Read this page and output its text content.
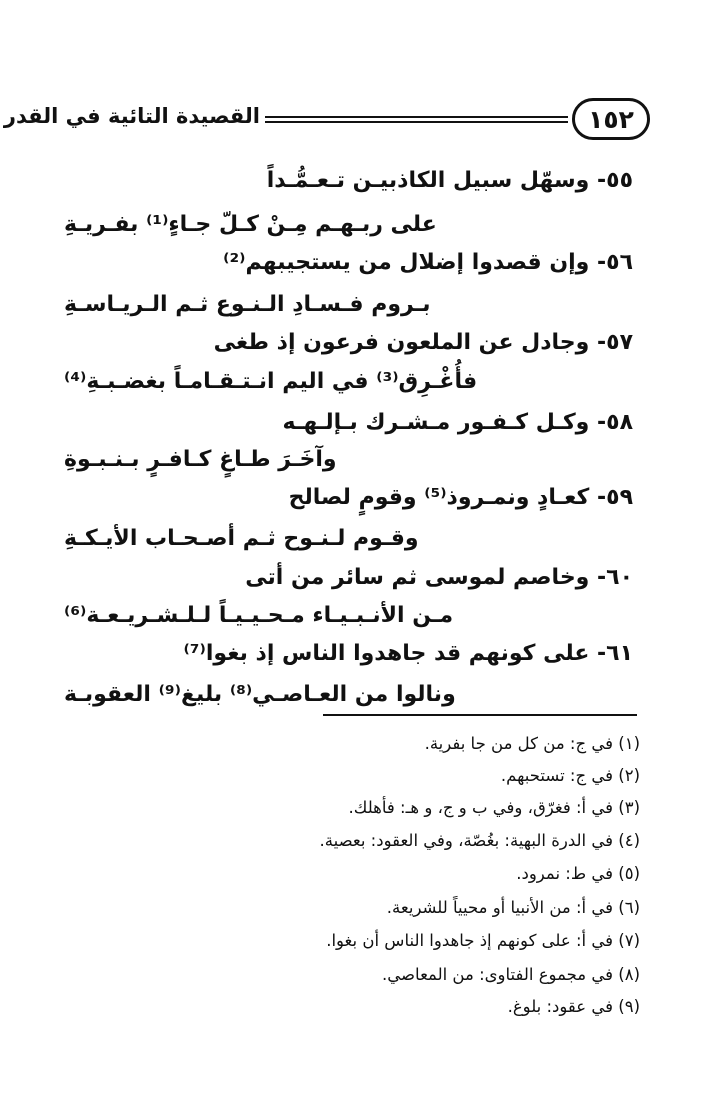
١٥٢
القصيدة التائية في القدر
٥٥- وسهّل سبيل الكاذبيـن تـعـمُّـداً
على ربـهـم مِـنْ كـلّ جـاءٍ⁽¹⁾ بفـريـةِ
٥٦- وإن قصدوا إضلال من يستجيبهم⁽²⁾
بـروم فـسـادِ الـنـوع ثـم الـريـاسـةِ
٥٧- وجادل عن الملعون فرعون إذ طغى
فأُغْـرِق⁽³⁾ في اليم انـتـقـامـاً بغضـبـةِ⁽⁴⁾
٥٨- وكـل كـفـور مـشـرك بـإلـهـه
وآخَـرَ طـاغٍ كـافـرٍ بـنـبـوةِ
٥٩- كعـادٍ ونمـروذ⁽⁵⁾ وقومٍ لصالح
وقـوم لـنـوح ثـم أصـحـاب الأيـكـةِ
٦٠- وخاصم لموسى ثم سائر من أتى
مـن الأنـبـيـاء مـحـيـيـاً لـلـشـريـعـة⁽⁶⁾
٦١- على كونهم قد جاهدوا الناس إذ بغوا⁽⁷⁾
ونالوا من العـاصـي⁽⁸⁾ بليغ⁽⁹⁾ العقوبـة
(١) في ج: من كل من جا بفرية.
(٢) في ج: تستحبهم.
(٣) في أ: فغرّق، وفي ب و ج، و هـ: فأهلك.
(٤) في الدرة البهية: بغُصّة، وفي العقود: بعصية.
(٥) في ط: نمرود.
(٦) في أ: من الأنبيا أو محيياً للشريعة.
(٧) في أ: على كونهم إذ جاهدوا الناس أن بغوا.
(٨) في مجموع الفتاوى: من المعاصي.
(٩) في عقود: بلوغ.
